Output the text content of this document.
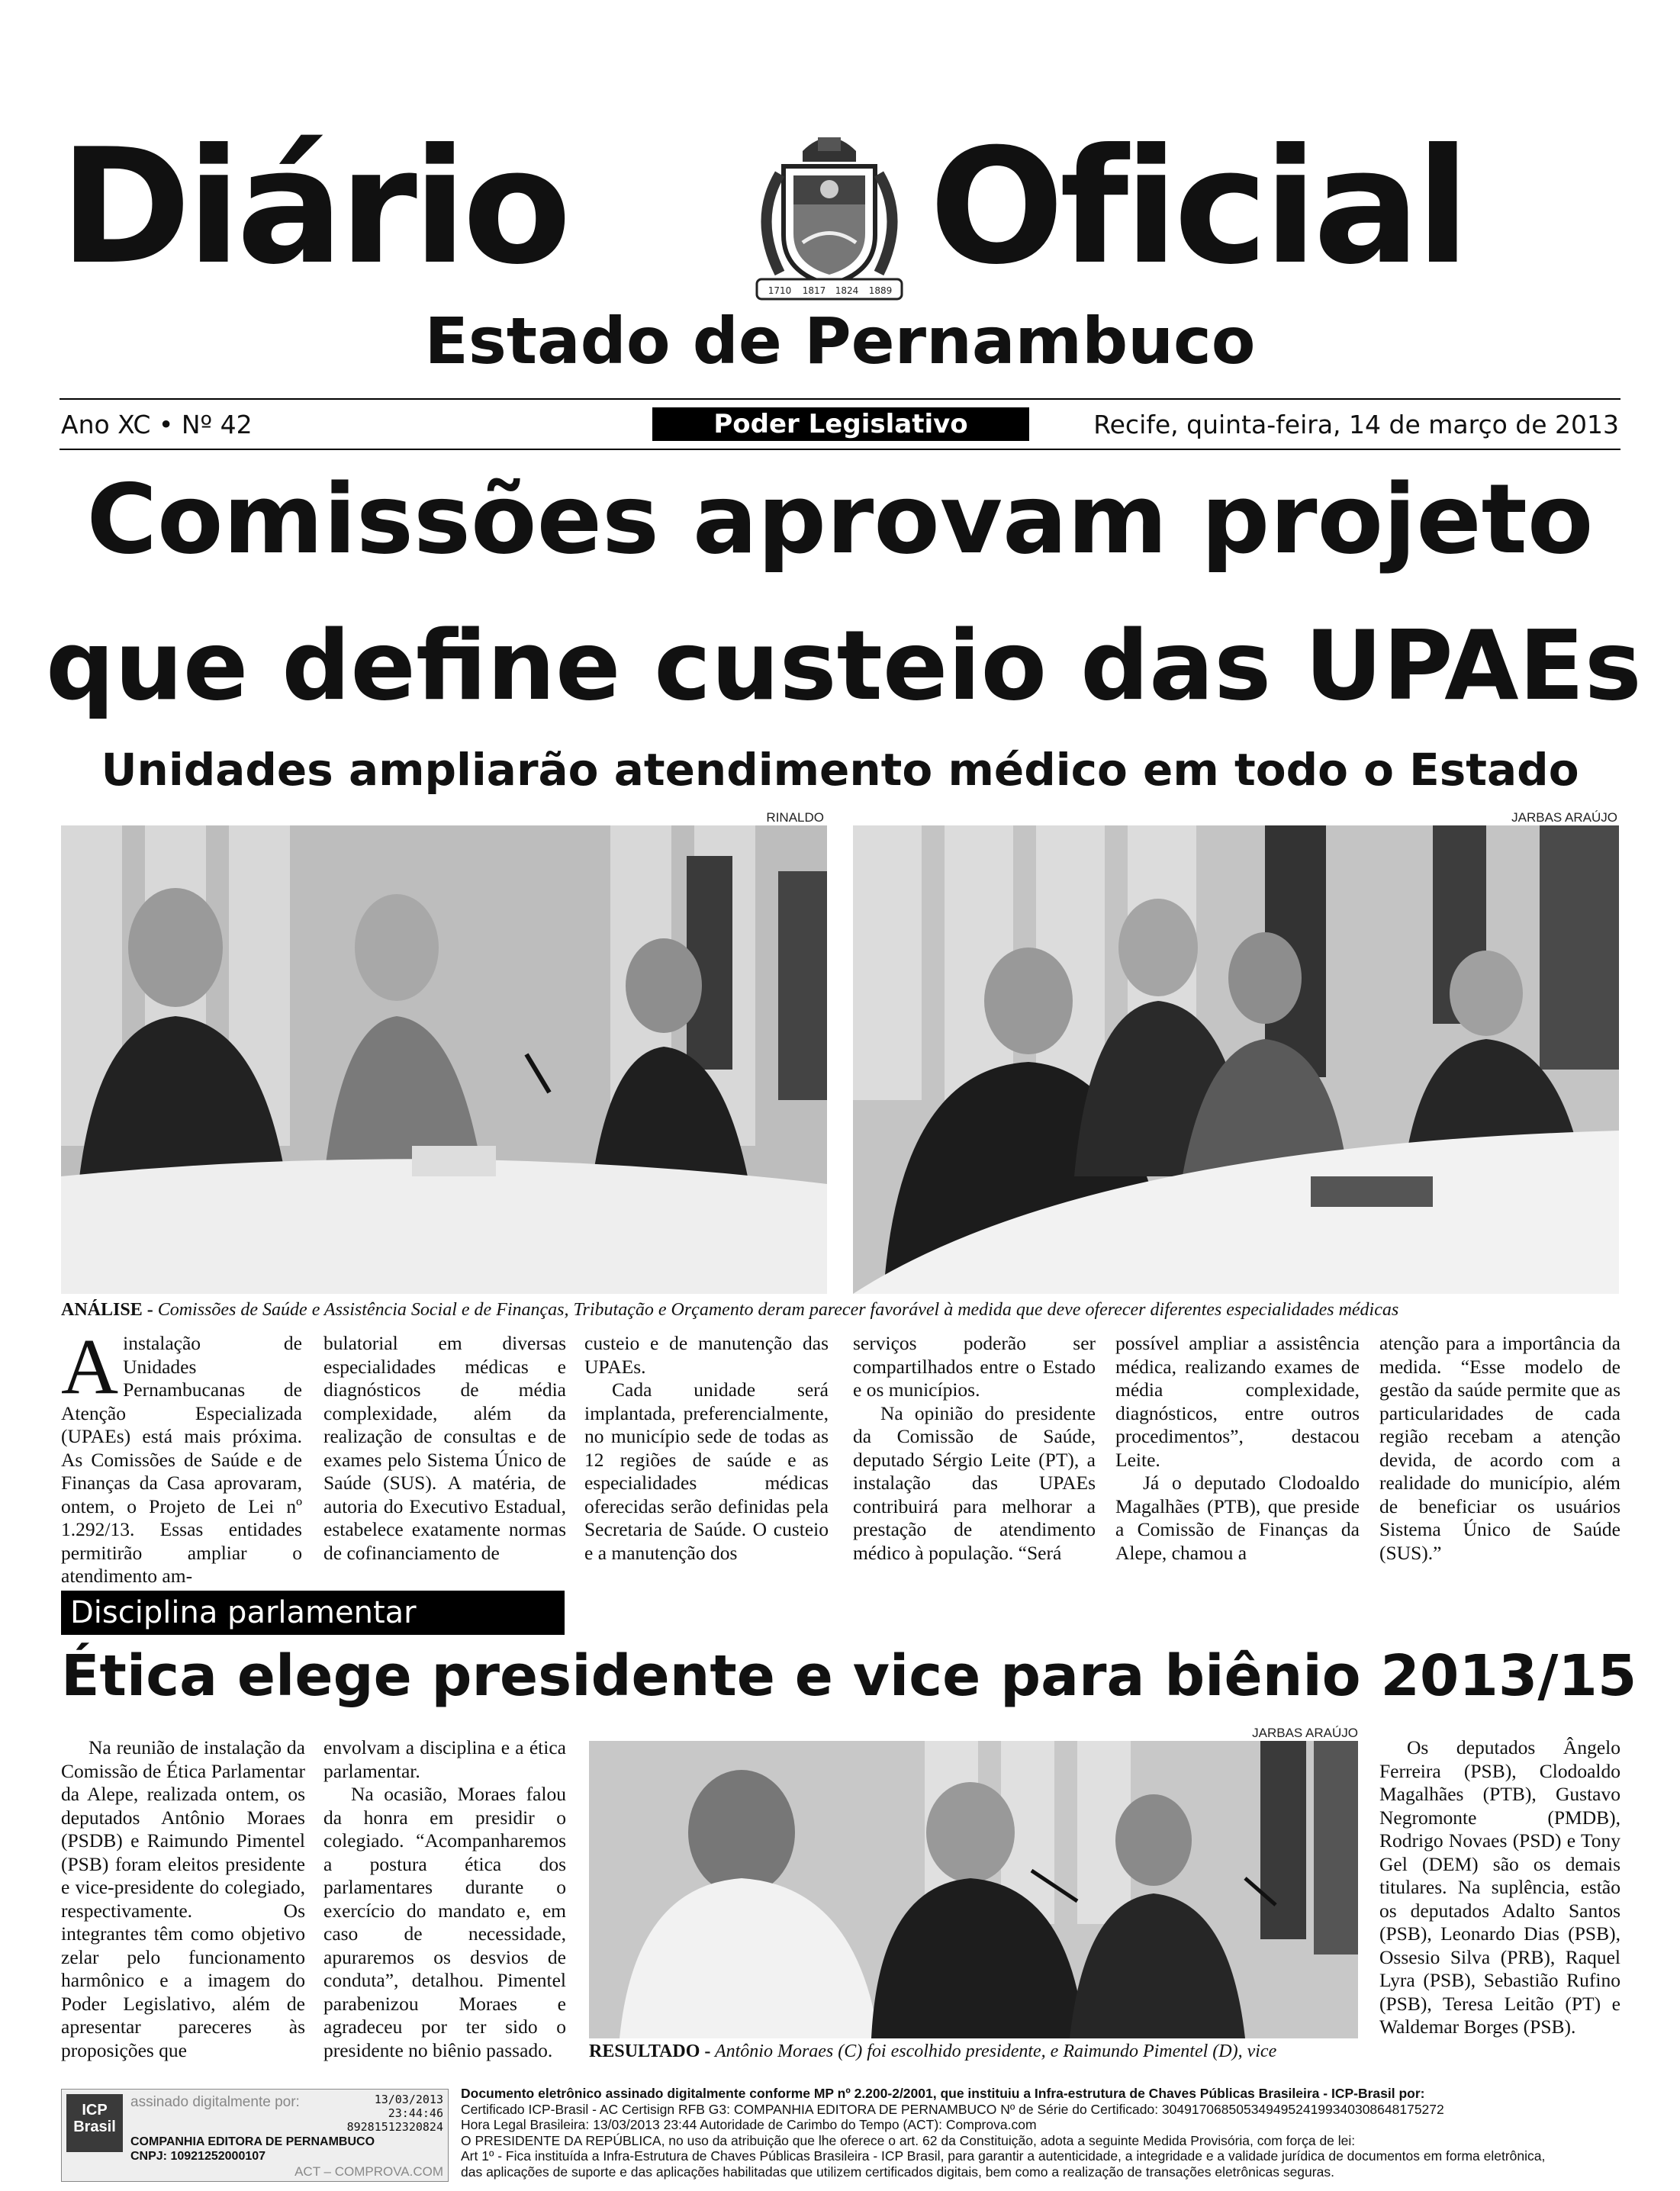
Diário	1710 1817 1824 1889 Oficial
Estado de Pernambuco
Ano XC • Nº 42	Poder Legislativo	Recife, quinta-feira, 14 de março de 2013
Comissões aprovam projeto
que define custeio das UPAEs
Unidades ampliarão atendimento médico em todo o Estado
RINALDO	JARBAS ARAÚJO
ANÁLISE - Comissões de Saúde e Assistência Social e de Finanças, Tributação e Orçamento deram parecer favorável à medida que deve oferecer diferentes especialidades médicas

Ainstalação de Unidades Pernambucanas de Atenção Especializada (UPAEs) está mais próxima. As Comissões de Saúde e de Finanças da Casa aprovaram, ontem, o Projeto de Lei nº 1.292/13. Essas entidades permitirão ampliar o atendimento am-

bulatorial em diversas especialidades médicas e diagnósticos de média complexidade, além da realização de consultas e de exames pelo Sistema Único de Saúde (SUS). A matéria, de autoria do Executivo Estadual, estabelece exatamente normas de cofinanciamento de

custeio e de manutenção das UPAEs.

Cada unidade será implantada, preferencialmente, no município sede de todas as 12 regiões de saúde e as especialidades médicas oferecidas serão definidas pela Secretaria de Saúde. O custeio e a manutenção dos

serviços poderão ser compartilhados entre o Estado e os municípios.

Na opinião do presidente da Comissão de Saúde, deputado Sérgio Leite (PT), a instalação das UPAEs contribuirá para melhorar a prestação de atendimento médico à população. “Será

possível ampliar a assistência médica, realizando exames de média complexidade, diagnósticos, entre outros procedimentos”, destacou Leite.

Já o deputado Clodoaldo Magalhães (PTB), que preside a Comissão de Finanças da Alepe, chamou a

atenção para a importância da medida. “Esse modelo de gestão da saúde permite que as particularidades de cada região recebam a atenção devida, de acordo com a realidade do município, além de beneficiar os usuários Sistema Único de Saúde (SUS).”

Disciplina parlamentar
Ética elege presidente e vice para biênio 2013/15

Na reunião de instalação da Comissão de Ética Parlamentar da Alepe, realizada ontem, os deputados Antônio Moraes (PSDB) e Raimundo Pimentel (PSB) foram eleitos presidente e vice-presidente do colegiado, respectivamente. Os integrantes têm como objetivo zelar pelo funcionamento harmônico e a imagem do Poder Legislativo, além de apresentar pareceres às proposições que

envolvam a disciplina e a ética parlamentar.

Na ocasião, Moraes falou da honra em presidir o colegiado. “Acompanharemos a postura ética dos parlamentares durante o exercício do mandato e, em caso de necessidade, apuraremos os desvios de conduta”, detalhou. Pimentel parabenizou Moraes e agradeceu por ter sido o presidente no biênio passado.

JARBAS ARAÚJO
RESULTADO - Antônio Moraes (C) foi escolhido presidente, e Raimundo Pimentel (D), vice

Os deputados Ângelo Ferreira (PSB), Clodoaldo Magalhães (PTB), Gustavo Negromonte (PMDB), Rodrigo Novaes (PSD) e Tony Gel (DEM) são os demais titulares. Na suplência, estão os deputados Adalto Santos (PSB), Leonardo Dias (PSB), Ossesio Silva (PRB), Raquel Lyra (PSB), Sebastião Rufino (PSB), Teresa Leitão (PT) e Waldemar Borges (PSB).

ICP Brasil
assinado digitalmente por:	13/03/2013
23:44:46
89281512320824
COMPANHIA EDITORA DE PERNAMBUCO
CNPJ: 10921252000107
ACT – COMPROVA.COM
Documento eletrônico assinado digitalmente conforme MP nº 2.200-2/2001, que instituiu a Infra-estrutura de Chaves Públicas Brasileira - ICP-Brasil por:
Certificado ICP-Brasil - AC Certisign RFB G3: COMPANHIA EDITORA DE PERNAMBUCO Nº de Série do Certificado: 30491706850534949524199340308648175272
Hora Legal Brasileira: 13/03/2013 23:44 Autoridade de Carimbo do Tempo (ACT): Comprova.com
O PRESIDENTE DA REPÚBLICA, no uso da atribuição que lhe oferece o art. 62 da Constituição, adota a seguinte Medida Provisória, com força de lei:
Art 1º - Fica instituída a Infra-Estrutura de Chaves Públicas Brasileira - ICP Brasil, para garantir a autenticidade, a integridade e a validade jurídica de documentos em forma eletrônica,
das aplicações de suporte e das aplicações habilitadas que utilizem certificados digitais, bem como a realização de transações eletrônicas seguras.
